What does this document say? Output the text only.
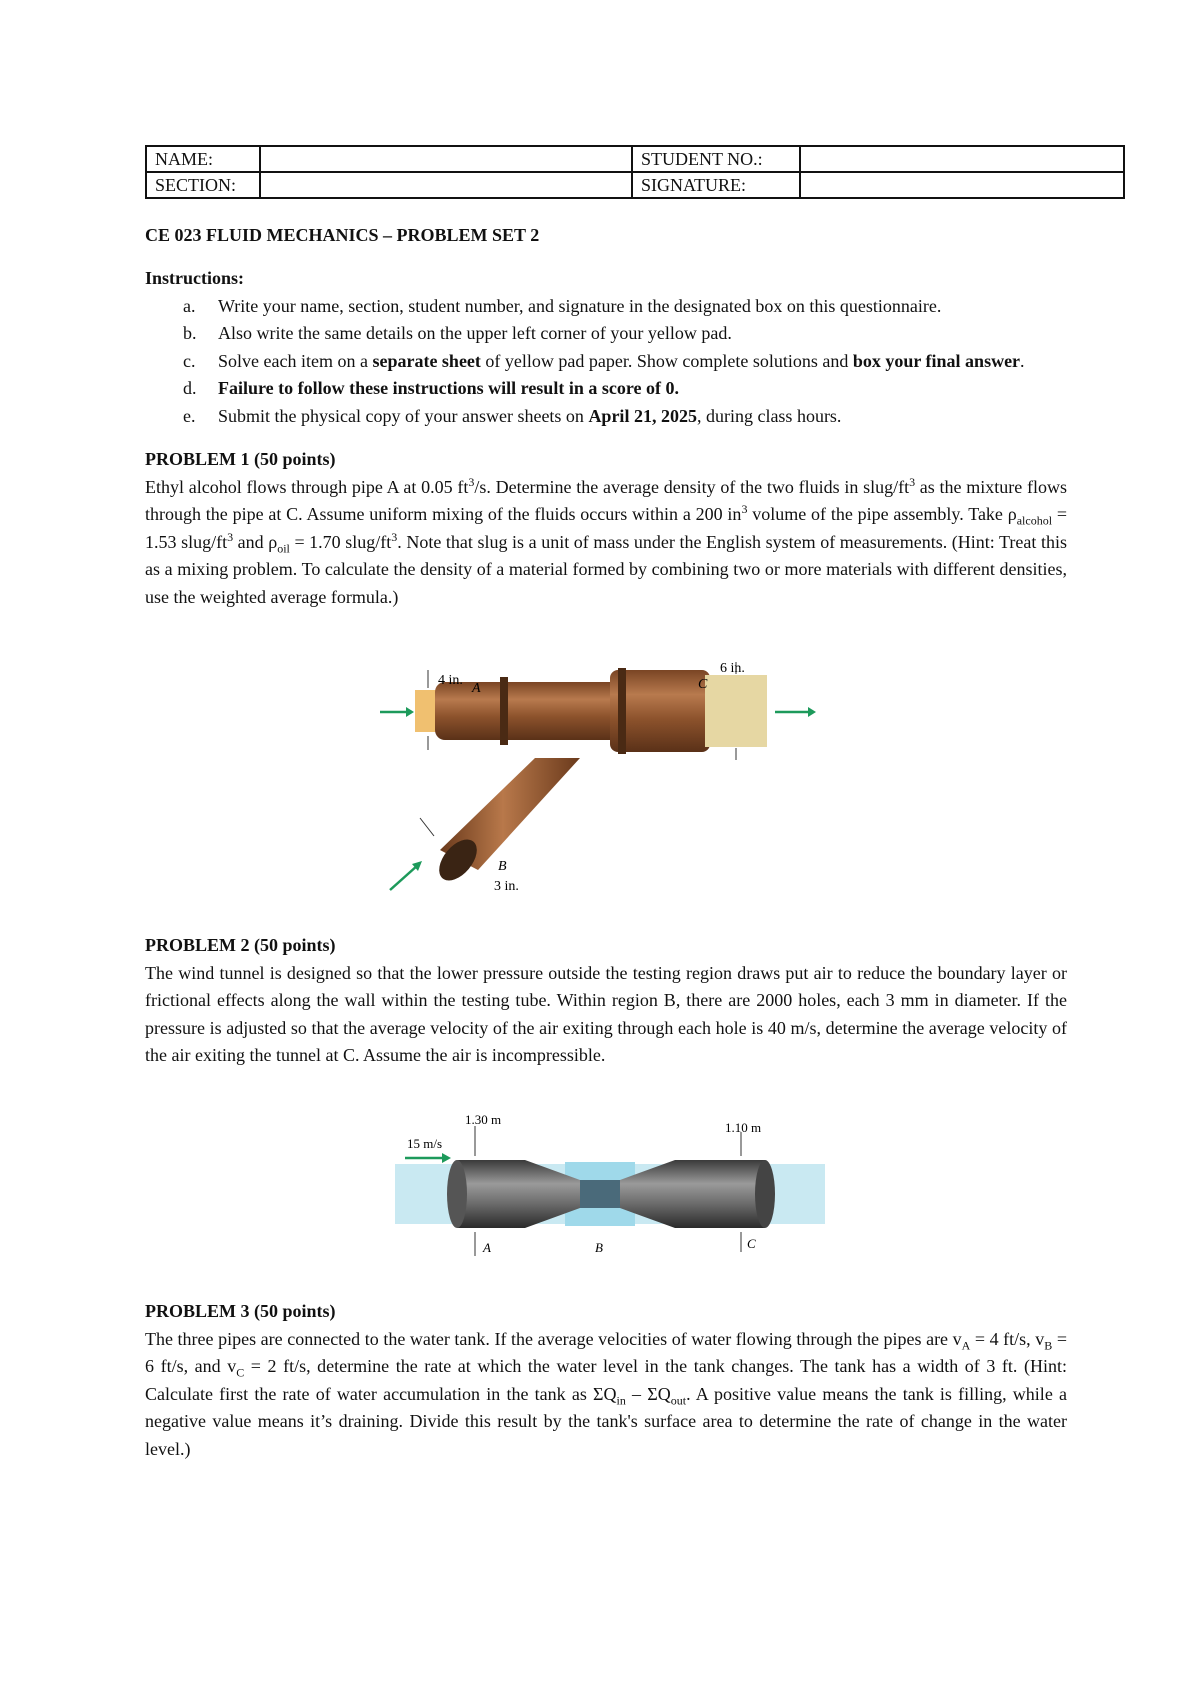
NAME:		STUDENT NO.:	
SECTION:		SIGNATURE:	
CE 023 FLUID MECHANICS – PROBLEM SET 2
Instructions:
a. Write your name, section, student number, and signature in the designated box on this questionnaire.
b. Also write the same details on the upper left corner of your yellow pad.
c. Solve each item on a separate sheet of yellow pad paper. Show complete solutions and box your final answer.
d. Failure to follow these instructions will result in a score of 0.
e. Submit the physical copy of your answer sheets on April 21, 2025, during class hours.
PROBLEM 1 (50 points)

Ethyl alcohol flows through pipe A at 0.05 $ft^3/s$. Determine the average density of the two fluids in slug/$ft^3$ as the mixture flows through the pipe at C. Assume uniform mixing of the fluids occurs within a 200 $in^3$ volume of the pipe assembly. Take $\rho_{alcohol} = 1.53$ slug/$ft^3$ and $\rho_{oil} = 1.70$ slug/$ft^3$. Note that slug is a unit of mass under the English system of measurements. (Hint: Treat this as a mixing problem. To calculate the density of a material formed by combining two or more materials with different densities, use the weighted average formula.)

4 in.
A
6 in.
C
B
3 in.
PROBLEM 2 (50 points)

The wind tunnel is designed so that the lower pressure outside the testing region draws put air to reduce the boundary layer or frictional effects along the wall within the testing tube. Within region B, there are 2000 holes, each 3 mm in diameter. If the pressure is adjusted so that the average velocity of the air exiting through each hole is 40 m/s, determine the average velocity of the air exiting the tunnel at C. Assume the air is incompressible.

15 m/s
1.30 m
1.10 m
A	B	C
PROBLEM 3 (50 points)

The three pipes are connected to the water tank. If the average velocities of water flowing through the pipes are $v_A = 4$ ft/s, $v_B = 6$ ft/s, and $v_C = 2$ ft/s, determine the rate at which the water level in the tank changes. The tank has a width of 3 ft. (Hint: Calculate first the rate of water accumulation in the tank as $\Sigma Q_{in} - \Sigma Q_{out}$. A positive value means the tank is filling, while a negative value means it’s draining. Divide this result by the tank's surface area to determine the rate of change in the water level.)
